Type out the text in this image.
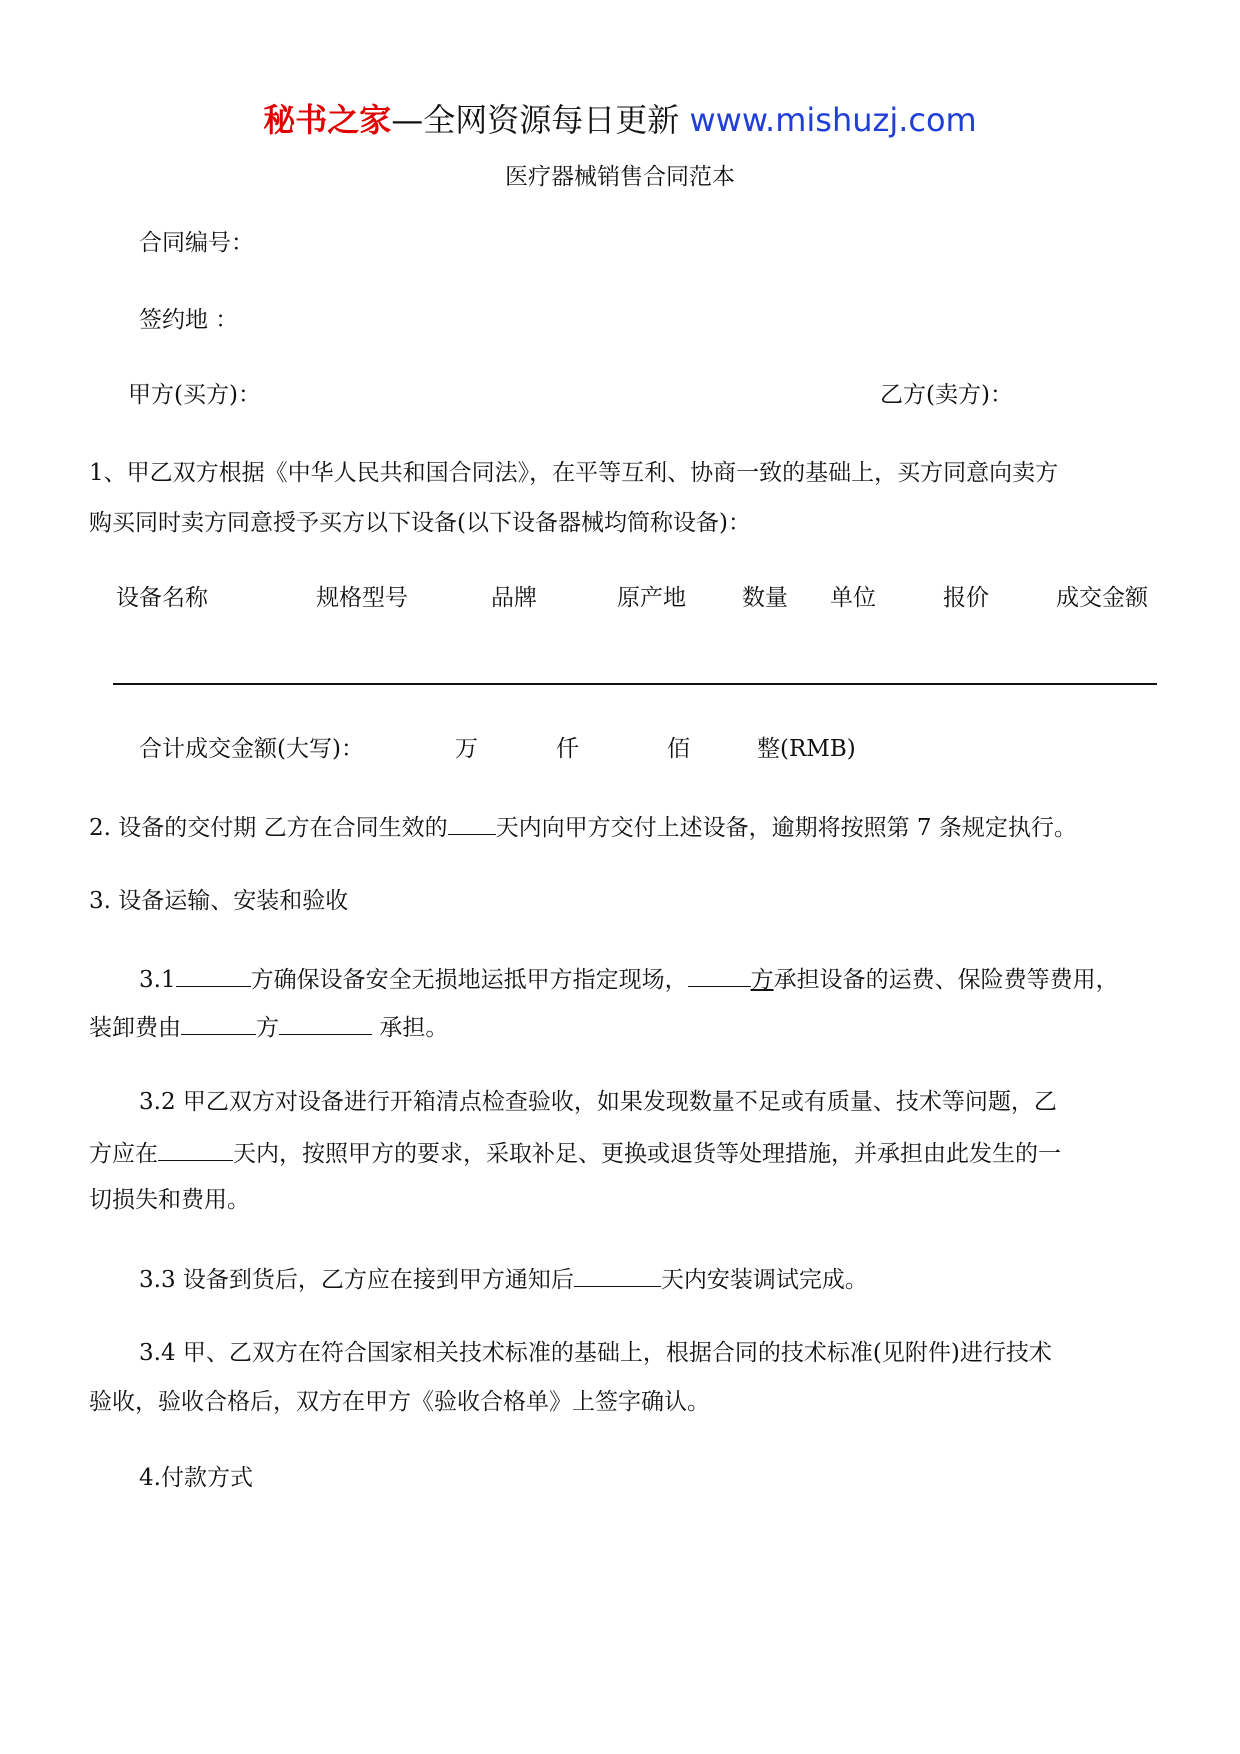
秘书之家—全网资源每日更新 www.mishuzj.com
医疗器械销售合同范本
合同编号：
签约地 ：
甲方(买方)：	乙方(卖方)：
1、甲乙双方根据《中华人民共和国合同法》，在平等互利、协商一致的基础上，买方同意向卖方
购买同时卖方同意授予买方以下设备(以下设备器械均简称设备)：
设备名称	规格型号	品牌	原产地 数量 单位	报价	成交金额
合计成交金额(大写)：	万	仟	佰	整(RMB)
2. 设备的交付期 乙方在合同生效的 天内向甲方交付上述设备，逾期将按照第 7 条规定执行。
3. 设备运输、安装和验收
3.1	方确保设备安全无损地运抵甲方指定现场，	方承担设备的运费、保险费等费用，
装卸费由	方	承担。
3.2 甲乙双方对设备进行开箱清点检查验收，如果发现数量不足或有质量、技术等问题，乙
方应在	天内，按照甲方的要求，采取补足、更换或退货等处理措施，并承担由此发生的一
切损失和费用。
3.3 设备到货后，乙方应在接到甲方通知后	天内安装调试完成。
3.4 甲、乙双方在符合国家相关技术标准的基础上，根据合同的技术标准(见附件)进行技术
验收，验收合格后，双方在甲方《验收合格单》上签字确认。
4.付款方式
